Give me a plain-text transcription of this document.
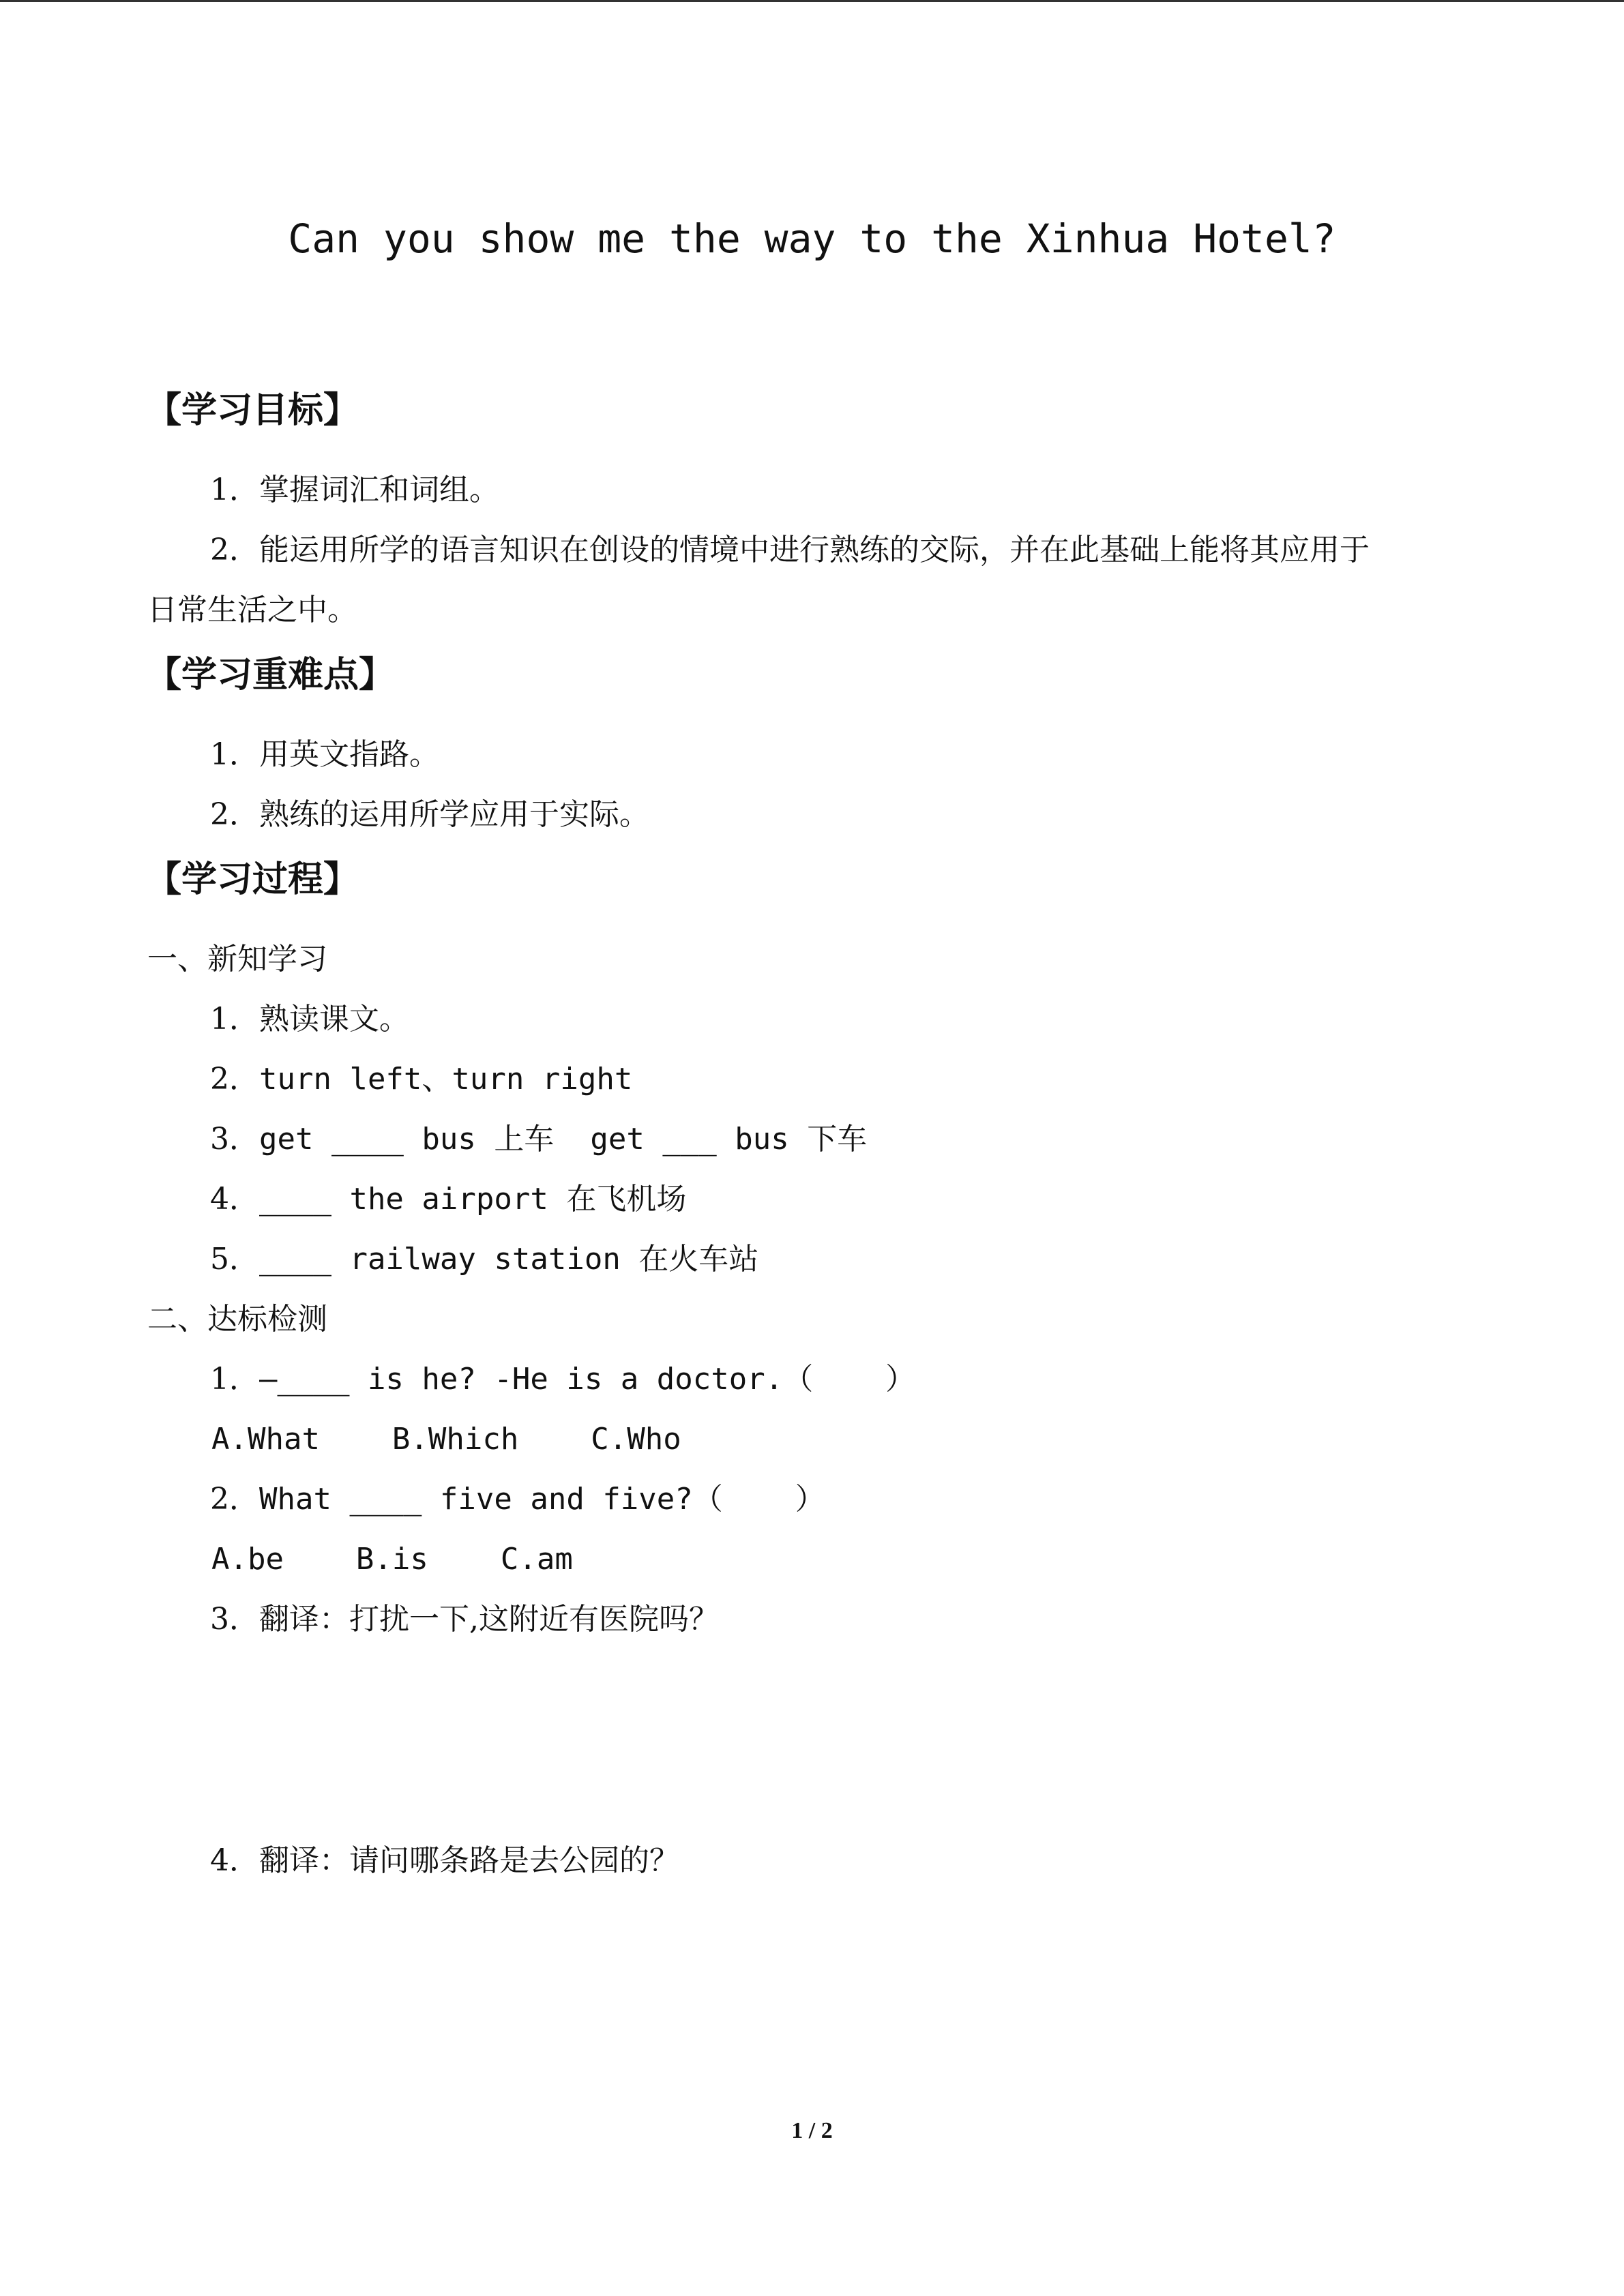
Can you show me the way to the Xinhua Hotel?
【学习目标】
1．掌握词汇和词组。
2．能运用所学的语言知识在创设的情境中进行熟练的交际，并在此基础上能将其应用于
日常生活之中。
【学习重难点】
1．用英文指路。
2．熟练的运用所学应用于实际。
【学习过程】
一、新知学习
1．熟读课文。
2．turn left、turn right
3．get ____ bus 上车  get ___ bus 下车
4．____ the airport 在飞机场
5．____ railway station 在火车站
二、达标检测
1．—____ is he? -He is a doctor.（    ）
A.What    B.Which    C.Who
2．What ____ five and five?（    ）
A.be    B.is    C.am
3．翻译：打扰一下,这附近有医院吗？
4．翻译：请问哪条路是去公园的？
1 / 2
